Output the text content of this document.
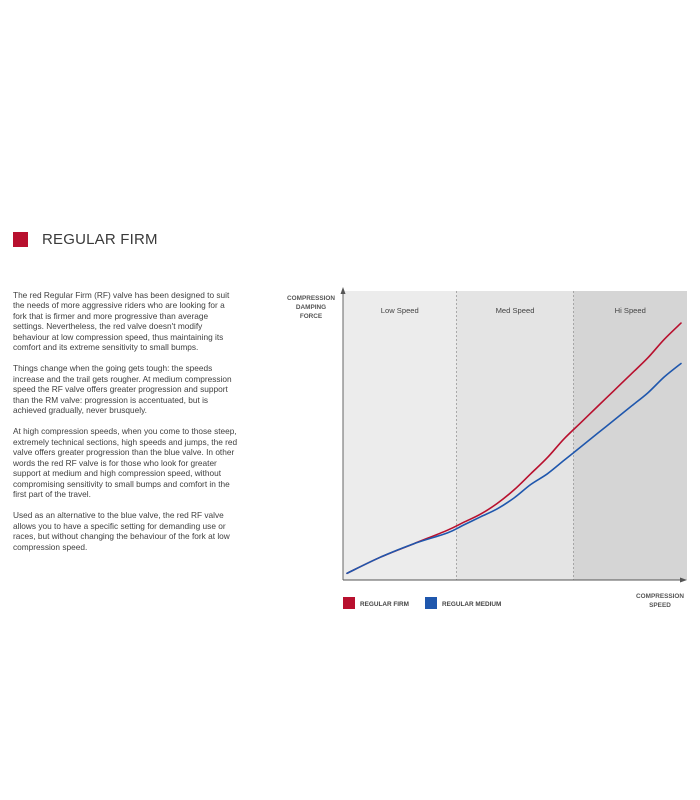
REGULAR FIRM

The red Regular Firm (RF) valve has been designed to suit the needs of more aggressive riders who are looking for a fork that is firmer and more progressive than average settings. Nevertheless, the red valve doesn't modify behaviour at low compression speed, thus maintaining its comfort and its extreme sensitivity to small bumps.

Things change when the going gets tough: the speeds increase and the trail gets rougher. At medium compression speed the RF valve offers greater progression and support than the RM valve: progression is accentuated, but is achieved gradually, never brusquely.

At high compression speeds, when you come to those steep, extremely technical sections, high speeds and jumps, the red valve offers greater progression than the blue valve. In other words the red RF valve is for those who look for greater support at medium and high compression speed, without compromising sensitivity to small bumps and comfort in the first part of the travel.

Used as an alternative to the blue valve, the red RF valve allows you to have a specific setting for demanding use or races, but without changing the behaviour of the fork at low compression speed.

Low Speed	Med Speed	Hi Speed
COMPRESSION
DAMPING
FORCE
COMPRESSION
SPEED
REGULAR FIRM	REGULAR MEDIUM
